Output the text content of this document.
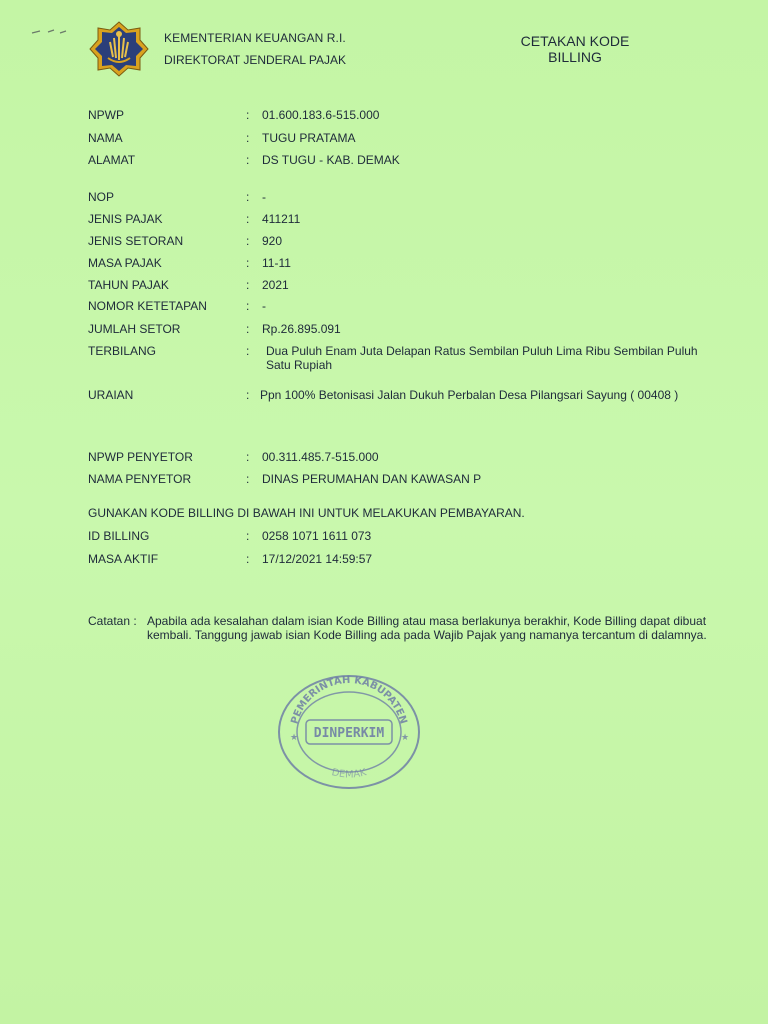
KEMENTERIAN KEUANGAN R.I.
DIREKTORAT JENDERAL PAJAK
CETAKAN KODE
BILLING
NPWP	: 01.600.183.6-515.000
NAMA	: TUGU PRATAMA
ALAMAT	: DS TUGU - KAB. DEMAK
NOP	: -
JENIS PAJAK	: 411211
JENIS SETORAN	: 920
MASA PAJAK	: 11-11
TAHUN PAJAK	: 2021
NOMOR KETETAPAN	: -
JUMLAH SETOR	: Rp.26.895.091
TERBILANG	: Dua Puluh Enam Juta Delapan Ratus Sembilan Puluh Lima Ribu Sembilan Puluh Satu Rupiah
URAIAN	: Ppn 100% Betonisasi Jalan Dukuh Perbalan Desa Pilangsari Sayung ( 00408 )
NPWP PENYETOR	: 00.311.485.7-515.000
NAMA PENYETOR	: DINAS PERUMAHAN DAN KAWASAN P
GUNAKAN KODE BILLING DI BAWAH INI UNTUK MELAKUKAN PEMBAYARAN.
ID BILLING	: 0258 1071 1611 073
MASA AKTIF	: 17/12/2021 14:59:57
Catatan : Apabila ada kesalahan dalam isian Kode Billing atau masa berlakunya berakhir, Kode Billing dapat dibuat kembali. Tanggung jawab isian Kode Billing ada pada Wajib Pajak yang namanya tercantum di dalamnya.
PEMERINTAH KABUPATEN
DINPERKIM
DEMAK
★	★
